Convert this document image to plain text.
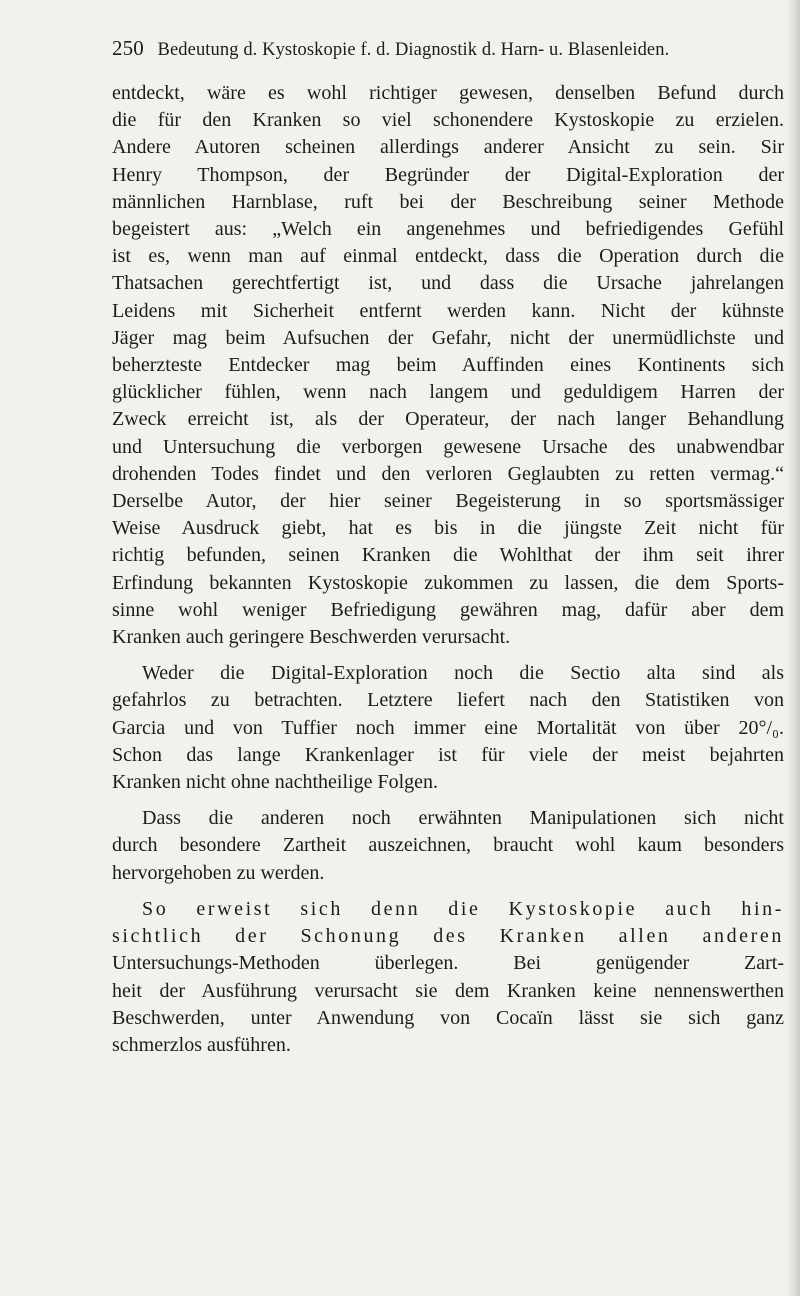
250 Bedeutung d. Kystoskopie f. d. Diagnostik d. Harn- u. Blasenleiden.
entdeckt, wäre es wohl richtiger gewesen, denselben Befund durch
die für den Kranken so viel schonendere Kystoskopie zu erzielen.
Andere Autoren scheinen allerdings anderer Ansicht zu sein. Sir
Henry Thompson, der Begründer der Digital-Exploration der
männlichen Harnblase, ruft bei der Beschreibung seiner Methode
begeistert aus: „Welch ein angenehmes und befriedigendes Gefühl
ist es, wenn man auf einmal entdeckt, dass die Operation durch die
Thatsachen gerechtfertigt ist, und dass die Ursache jahrelangen
Leidens mit Sicherheit entfernt werden kann. Nicht der kühnste
Jäger mag beim Aufsuchen der Gefahr, nicht der unermüdlichste und
beherzteste Entdecker mag beim Auffinden eines Kontinents sich
glücklicher fühlen, wenn nach langem und geduldigem Harren der
Zweck erreicht ist, als der Operateur, der nach langer Behandlung
und Untersuchung die verborgen gewesene Ursache des unabwendbar
drohenden Todes findet und den verloren Geglaubten zu retten vermag.“
Derselbe Autor, der hier seiner Begeisterung in so sportsmässiger
Weise Ausdruck giebt, hat es bis in die jüngste Zeit nicht für
richtig befunden, seinen Kranken die Wohlthat der ihm seit ihrer
Erfindung bekannten Kystoskopie zukommen zu lassen, die dem Sports-
sinne wohl weniger Befriedigung gewähren mag, dafür aber dem
Kranken auch geringere Beschwerden verursacht.
Weder die Digital-Exploration noch die Sectio alta sind als
gefahrlos zu betrachten. Letztere liefert nach den Statistiken von
Garcia und von Tuffier noch immer eine Mortalität von über 20°/₀.
Schon das lange Krankenlager ist für viele der meist bejahrten
Kranken nicht ohne nachtheilige Folgen.
Dass die anderen noch erwähnten Manipulationen sich nicht
durch besondere Zartheit auszeichnen, braucht wohl kaum besonders
hervorgehoben zu werden.
So erweist sich denn die Kystoskopie auch hin-
sichtlich der Schonung des Kranken allen anderen
Untersuchungs-Methoden überlegen. Bei genügender Zart-
heit der Ausführung verursacht sie dem Kranken keine nennenswerthen
Beschwerden, unter Anwendung von Cocaïn lässt sie sich ganz
schmerzlos ausführen.
